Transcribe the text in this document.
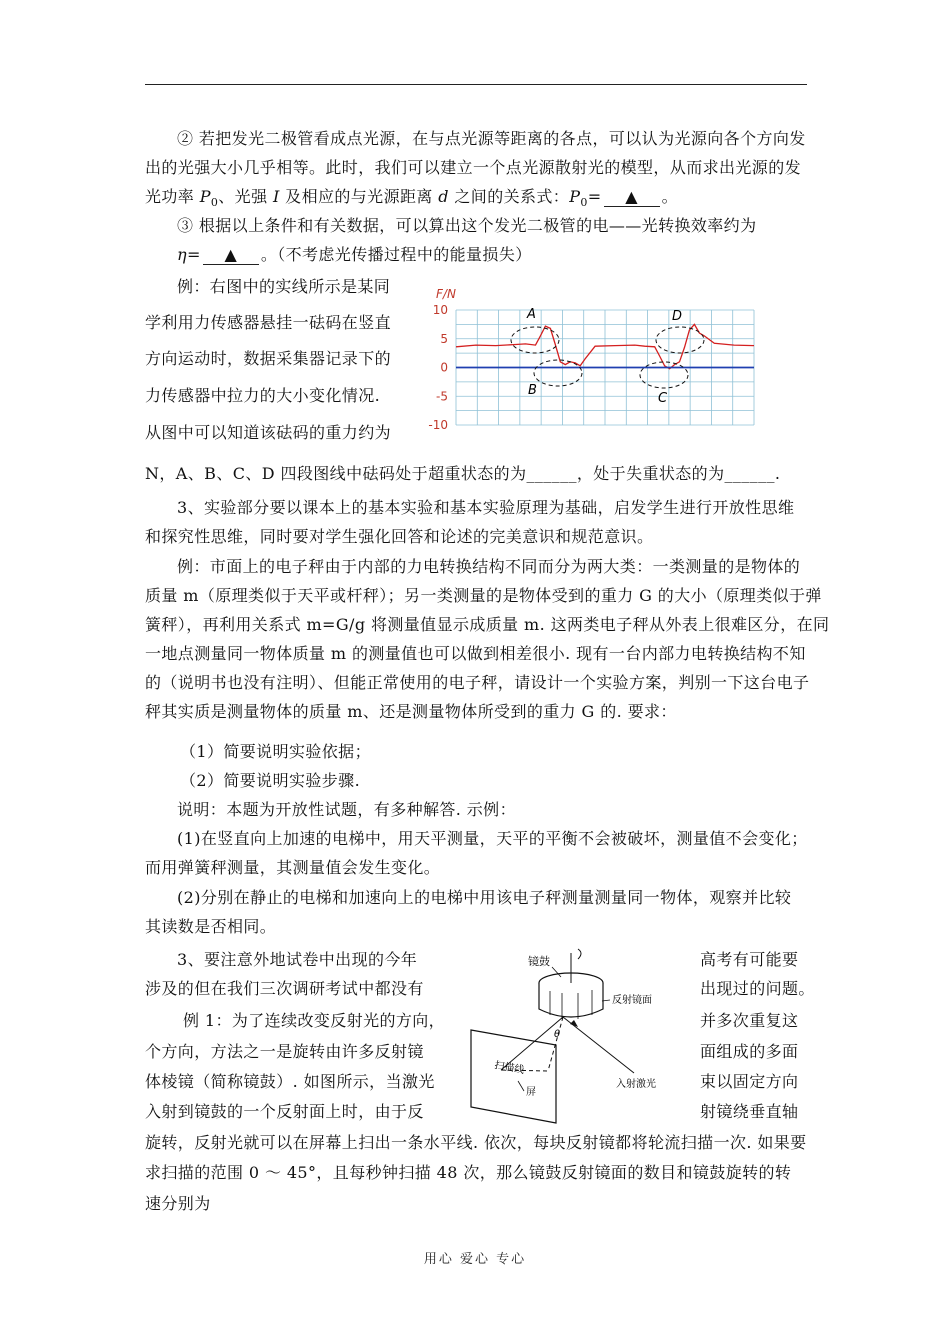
② 若把发光二极管看成点光源，在与点光源等距离的各点，可以认为光源向各个方向发
出的光强大小几乎相等。此时，我们可以建立一个点光源散射光的模型，从而求出光源的发
光功率 $P_0$、光强 I 及相应的与光源距离 d 之间的关系式：$P_0=$ ▲ 。
③ 根据以上条件和有关数据，可以算出这个发光二极管的电——光转换效率约为
η= ▲ 。（不考虑光传播过程中的能量损失）
例：右图中的实线所示是某同
学利用力传感器悬挂一砝码在竖直
方向运动时，数据采集器记录下的
力传感器中拉力的大小变化情况.
从图中可以知道该砝码的重力约为
N，A、B、C、D 四段图线中砝码处于超重状态的为______，处于失重状态的为______.
F/N
10
5
0
-5
-10
A
B
C
D
3、实验部分要以课本上的基本实验和基本实验原理为基础，启发学生进行开放性思维
和探究性思维，同时要对学生强化回答和论述的完美意识和规范意识。
例：市面上的电子秤由于内部的力电转换结构不同而分为两大类：一类测量的是物体的
质量 m（原理类似于天平或杆秤）；另一类测量的是物体受到的重力 G 的大小（原理类似于弹
簧秤），再利用关系式 m=G/g 将测量值显示成质量 m. 这两类电子秤从外表上很难区分，在同
一地点测量同一物体质量 m 的测量值也可以做到相差很小. 现有一台内部力电转换结构不知
的（说明书也没有注明）、但能正常使用的电子秤，请设计一个实验方案，判别一下这台电子
秤其实质是测量物体的质量 m、还是测量物体所受到的重力 G 的. 要求：
（1）简要说明实验依据；
（2）简要说明实验步骤.
说明：本题为开放性试题，有多种解答. 示例：
(1)在竖直向上加速的电梯中，用天平测量，天平的平衡不会被破坏，测量值不会变化；
而用弹簧秤测量，其测量值会发生变化。
(2)分别在静止的电梯和加速向上的电梯中用该电子秤测量测量同一物体，观察并比较
其读数是否相同。
3、要注意外地试卷中出现的今年
涉及的但在我们三次调研考试中都没有
例 1：为了连续改变反射光的方向，
个方向，方法之一是旋转由许多反射镜
体棱镜（简称镜鼓）. 如图所示，当激光
入射到镜鼓的一个反射面上时，由于反
高考有可能要
出现过的问题。
并多次重复这
面组成的多面
束以固定方向
射镜绕垂直轴
旋转，反射光就可以在屏幕上扫出一条水平线. 依次，每块反射镜都将轮流扫描一次. 如果要
求扫描的范围 0 ～ 45°，且每秒钟扫描 48 次，那么镜鼓反射镜面的数目和镜鼓旋转的转
速分别为
镜鼓
反射镜面
屏
θ
扫描线
入射激光
用心 爱心 专心
